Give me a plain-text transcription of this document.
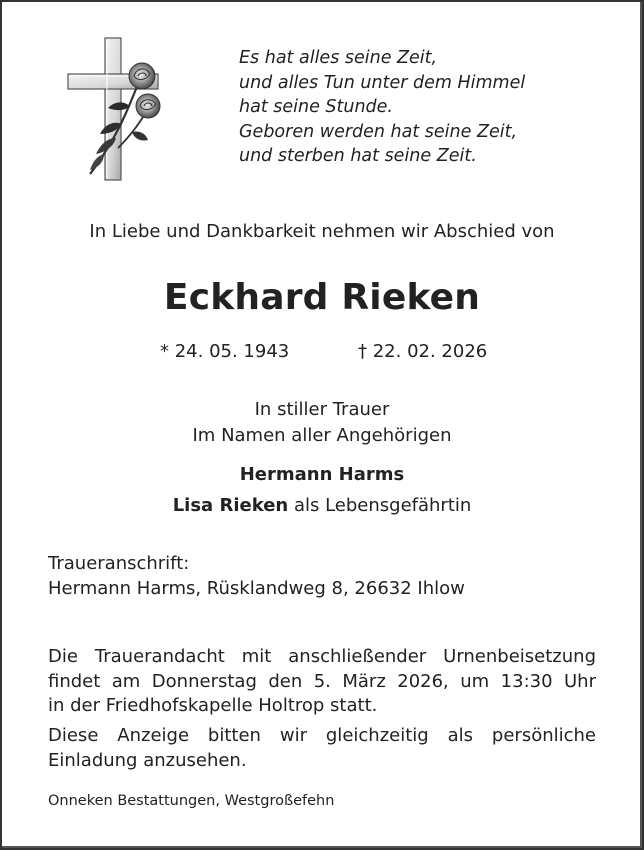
Es hat alles seine Zeit,
und alles Tun unter dem Himmel
hat seine Stunde.
Geboren werden hat seine Zeit,
und sterben hat seine Zeit.
In Liebe und Dankbarkeit nehmen wir Abschied von
Eckhard Rieken
* 24. 05. 1943	† 22. 02. 2026
In stiller Trauer
Im Namen aller Angehörigen
Hermann Harms
Lisa Rieken als Lebensgefährtin
Traueranschrift:
Hermann Harms, Rüsklandweg 8, 26632 Ihlow
Die Trauerandacht mit anschließender Urnenbeisetzung
findet am Donnerstag den 5. März 2026, um 13:30 Uhr
in der Friedhofskapelle Holtrop statt.
Diese Anzeige bitten wir gleichzeitig als persönliche
Einladung anzusehen.
Onneken Bestattungen, Westgroßefehn
